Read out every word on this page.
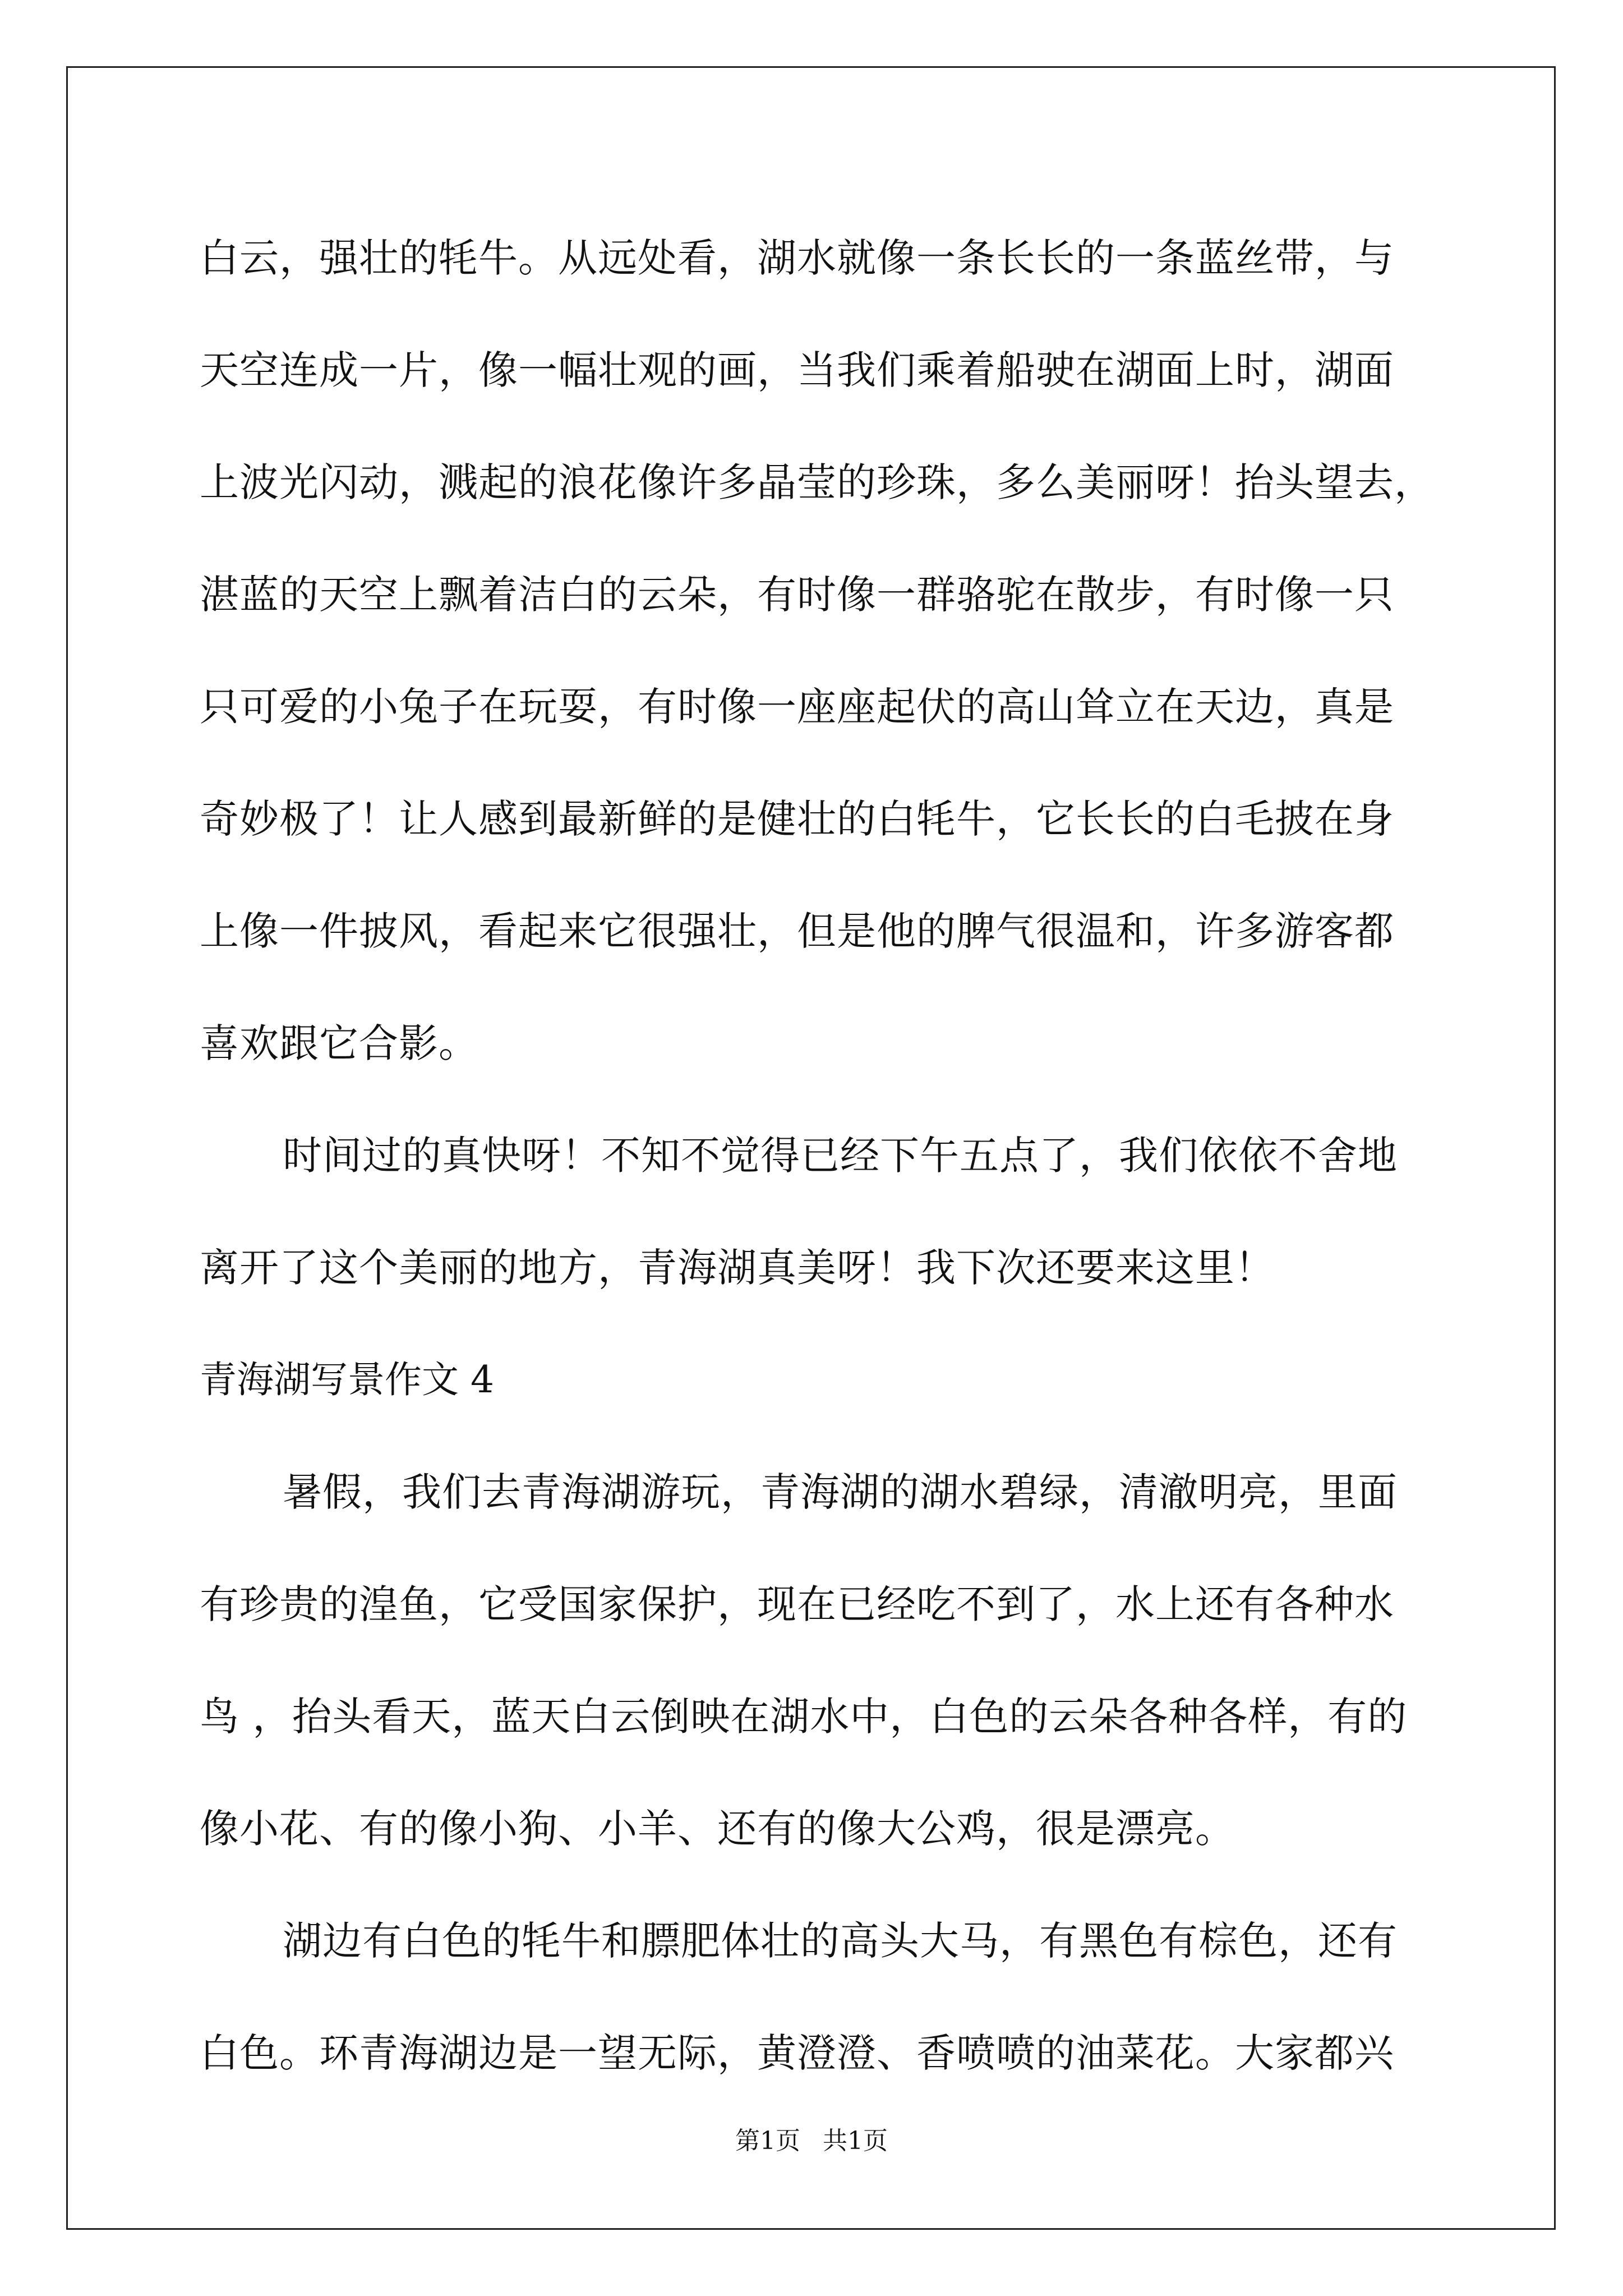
白云，强壮的牦牛。从远处看，湖水就像一条长长的一条蓝丝带，与
天空连成一片，像一幅壮观的画，当我们乘着船驶在湖面上时，湖面
上波光闪动，溅起的浪花像许多晶莹的珍珠，多么美丽呀！抬头望去，
湛蓝的天空上飘着洁白的云朵，有时像一群骆驼在散步，有时像一只
只可爱的小兔子在玩耍，有时像一座座起伏的高山耸立在天边，真是
奇妙极了！让人感到最新鲜的是健壮的白牦牛，它长长的白毛披在身
上像一件披风，看起来它很强壮，但是他的脾气很温和，许多游客都
喜欢跟它合影。
时间过的真快呀！不知不觉得已经下午五点了，我们依依不舍地
离开了这个美丽的地方，青海湖真美呀！我下次还要来这里！
青海湖写景作文 4
暑假，我们去青海湖游玩，青海湖的湖水碧绿，清澈明亮，里面
有珍贵的湟鱼，它受国家保护，现在已经吃不到了，水上还有各种水
鸟 ，抬头看天，蓝天白云倒映在湖水中，白色的云朵各种各样，有的
像小花、有的像小狗、小羊、还有的像大公鸡，很是漂亮。
湖边有白色的牦牛和膘肥体壮的高头大马，有黑色有棕色，还有
白色。环青海湖边是一望无际，黄澄澄、香喷喷的油菜花。大家都兴
第1页 共1页
